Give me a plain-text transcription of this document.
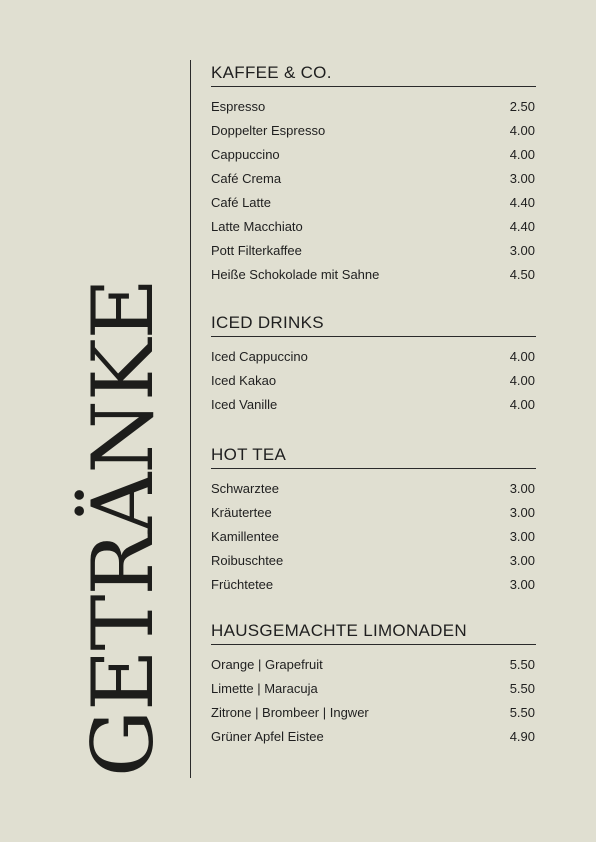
GETRÄNKE
KAFFEE & CO.
Espresso	2.50
Doppelter Espresso	4.00
Cappuccino	4.00
Café Crema	3.00
Café Latte	4.40
Latte Macchiato	4.40
Pott Filterkaffee	3.00
Heiße Schokolade mit Sahne	4.50
ICED DRINKS
Iced Cappuccino	4.00
Iced Kakao	4.00
Iced Vanille	4.00
HOT TEA
Schwarztee	3.00
Kräutertee	3.00
Kamillentee	3.00
Roibuschtee	3.00
Früchtetee	3.00
HAUSGEMACHTE LIMONADEN
Orange | Grapefruit	5.50
Limette | Maracuja	5.50
Zitrone | Brombeer | Ingwer	5.50
Grüner Apfel Eistee	4.90
